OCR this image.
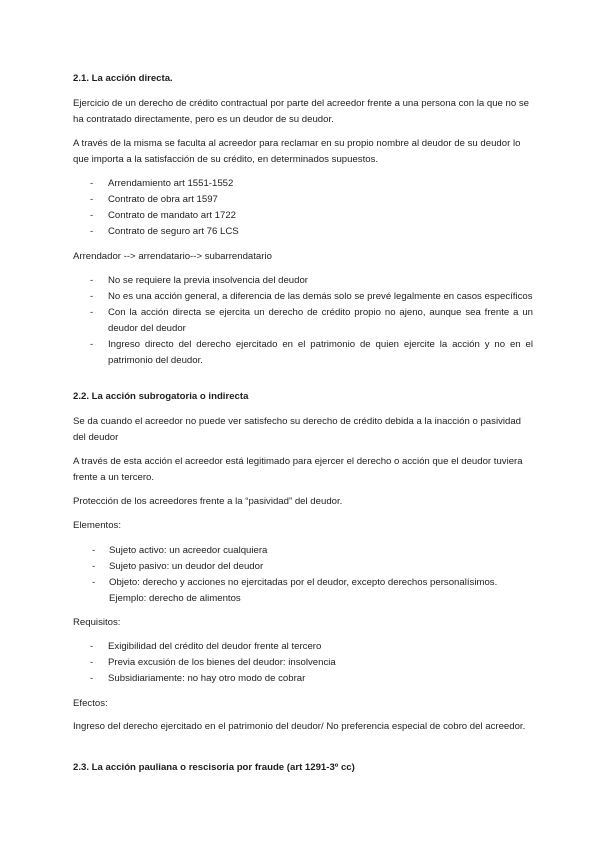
2.1. La acción directa.
Ejercicio de un derecho de crédito contractual por parte del acreedor frente a una persona con la que no se ha contratado directamente, pero es un deudor de su deudor.
A través de la misma se faculta al acreedor para reclamar en su propio nombre al deudor de su deudor lo que importa a la satisfacción de su crédito, en determinados supuestos.
- Arrendamiento art 1551-1552
- Contrato de obra art 1597
- Contrato de mandato art 1722
- Contrato de seguro art 76 LCS
Arrendador --> arrendatario--> subarrendatario
- No se requiere la previa insolvencia del deudor
- No es una acción general, a diferencia de las demás solo se prevé legalmente en casos específicos
- Con la acción directa se ejercita un derecho de crédito propio no ajeno, aunque sea frente a un deudor del deudor
- Ingreso directo del derecho ejercitado en el patrimonio de quien ejercite la acción y no en el patrimonio del deudor.
2.2. La acción subrogatoria o indirecta
Se da cuando el acreedor no puede ver satisfecho su derecho de crédito debida a la inacción o pasividad del deudor
A través de esta acción el acreedor está legitimado para ejercer el derecho o acción que el deudor tuviera frente a un tercero.
Protección de los acreedores frente a la “pasividad” del deudor.
Elementos:
- Sujeto activo: un acreedor cualquiera
- Sujeto pasivo: un deudor del deudor
- Objeto: derecho y acciones no ejercitadas por el deudor, excepto derechos personalísimos. Ejemplo: derecho de alimentos
Requisitos:
- Exigibilidad del crédito del deudor frente al tercero
- Previa excusión de los bienes del deudor: insolvencia
- Subsidiariamente: no hay otro modo de cobrar
Efectos:
Ingreso del derecho ejercitado en el patrimonio del deudor/ No preferencia especial de cobro del acreedor.
2.3. La acción pauliana o rescisoria por fraude (art 1291-3º cc)
